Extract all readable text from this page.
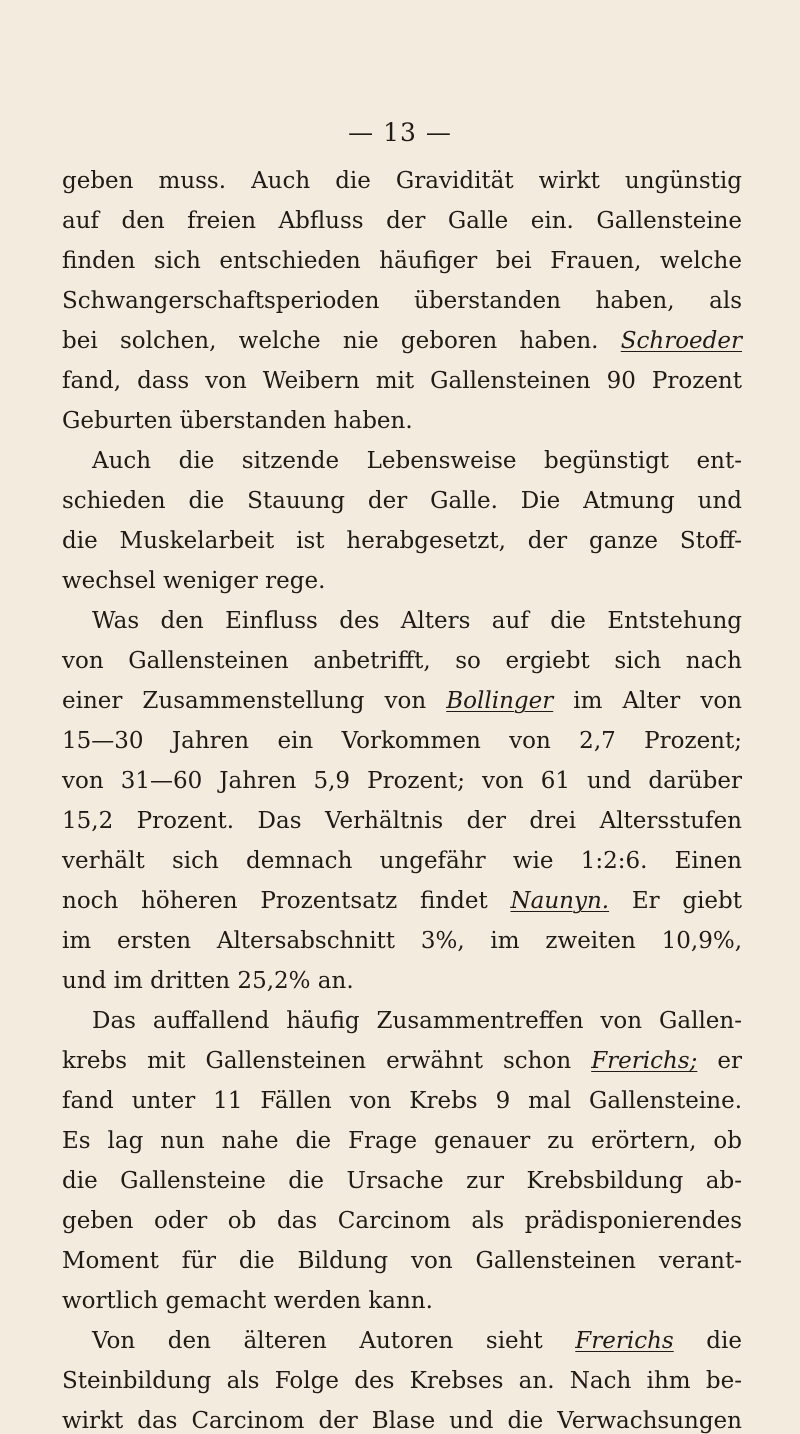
— 13 —
geben muss. Auch die Gravidität wirkt ungünstig
auf den freien Abfluss der Galle ein. Gallensteine
finden sich entschieden häufiger bei Frauen, welche
Schwangerschaftsperioden überstanden haben, als
bei solchen, welche nie geboren haben. Schroeder
fand, dass von Weibern mit Gallensteinen 90 Prozent
Geburten überstanden haben.
Auch die sitzende Lebensweise begünstigt ent-
schieden die Stauung der Galle. Die Atmung und
die Muskelarbeit ist herabgesetzt, der ganze Stoff-
wechsel weniger rege.
Was den Einfluss des Alters auf die Entstehung
von Gallensteinen anbetrifft, so ergiebt sich nach
einer Zusammenstellung von Bollinger im Alter von
15—30 Jahren ein Vorkommen von 2,7 Prozent;
von 31—60 Jahren 5,9 Prozent; von 61 und darüber
15,2 Prozent. Das Verhältnis der drei Altersstufen
verhält sich demnach ungefähr wie 1:2:6. Einen
noch höheren Prozentsatz findet Naunyn. Er giebt
im ersten Altersabschnitt 3%, im zweiten 10,9%,
und im dritten 25,2% an.
Das auffallend häufig Zusammentreffen von Gallen-
krebs mit Gallensteinen erwähnt schon Frerichs; er
fand unter 11 Fällen von Krebs 9 mal Gallensteine.
Es lag nun nahe die Frage genauer zu erörtern, ob
die Gallensteine die Ursache zur Krebsbildung ab-
geben oder ob das Carcinom als prädisponierendes
Moment für die Bildung von Gallensteinen verant-
wortlich gemacht werden kann.
Von den älteren Autoren sieht Frerichs die
Steinbildung als Folge des Krebses an. Nach ihm be-
wirkt das Carcinom der Blase und die Verwachsungen
